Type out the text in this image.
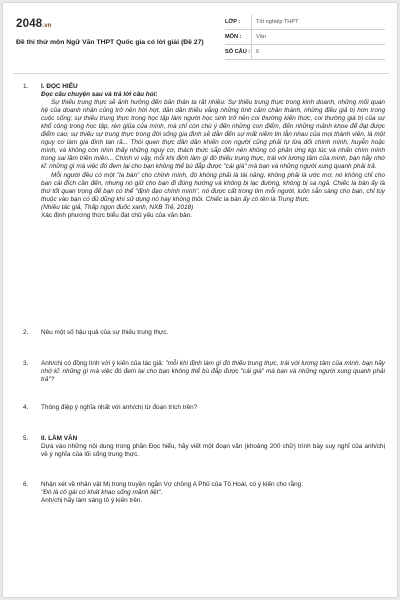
2048.vn
Đề thi thử môn Ngữ Văn THPT Quốc gia có lời giải (Đề 27)
LỚP :	Tốt nghiệp THPT
MÔN :	Văn
SỐ CÂU :	6
1.	I. ĐỌC HIỂU
Đọc câu chuyện sau và trả lời câu hỏi:
Sự thiếu trung thực sẽ ảnh hưởng đến bản thân ta rất nhiều: Sự thiếu trung thực trong kinh doanh, những mối quan hệ của doanh nhân cũng trở nên hời hợt, dần dần thiếu vắng những tình cảm chân thành, những điều giả trị hơn trong cuộc sống; sự thiếu trung thực trong học tập làm người học sinh trở nên coi thường kiến thức, coi thường giá trị của sự khổ công trong học tập, rèn giũa của mình, mà chỉ còn chú ý đến những con điểm, đến những mảnh khoe để đạt được điểm cao; sự thiếu sự trung thực trong đời sống gia đình sẽ dẫn đến sự mất niềm tin lẫn nhau của mọi thành viên, là một nguy cơ làm gia đình tan rã... Thói quen thực dần dần khiến con người cũng phải tự lừa dối chính mình, huyễn hoặc mình, và không còn nhìn thấy những nguy cơ, thách thức sắp đến nên không có phản ứng kịp lúc và nhấn chìm mình trong sai lầm triền miên... Chính vì vậy, mỗi khi định làm gì đó thiếu trung thực, trái với lương tâm của mình, bạn hãy nhớ kĩ: những gì mà việc đó đem lại cho bạn không thể bù đắp được "cái giá" mà bạn và những người xung quanh phải trả.
Mỗi người đều có một "la bàn" cho chính mình, đó không phải là tài năng, không phải là ước mơ, nó không chỉ cho bạn cái đích cần đến, nhưng nó giữ cho bạn đi đúng hướng và không bị lạc đường, không bị sa ngã. Chiếc la bàn ấy là thứ tốt quan trọng để bạn có thể "định đạo chính mình", nó được cất trong tim mỗi người, luôn sẵn sàng cho bạn, chỉ tùy thuộc vào bạn có đủ dũng khí sử dụng nó hay không thôi. Chiếc la bàn ấy có tên là Trung thực.
(Nhiều tác giả, Thấp ngọn đuốc xanh, NXB Trẻ, 2018)
Xác định phương thức biểu đạt chủ yếu của văn bản.
2.	Nêu một số hậu quả của sự thiếu trung thực.
3.	Anh/chị có đồng tình với ý kiến của tác giả: "mỗi khi định làm gì đó thiếu trung thực, trái với lương tâm của mình, bạn hãy nhớ kĩ: những gì mà việc đó đem lại cho bạn không thể bù đắp được "cái giá" mà bạn và những người xung quanh phải trả"?
4.	Thông điệp ý nghĩa nhất với anh/chị từ đoạn trích trên?
5.	II. LÀM VĂN
Dựa vào những nội dung trong phần Đọc hiểu, hãy viết một đoạn văn (khoảng 200 chữ) trình bày suy nghĩ của anh/chị về ý nghĩa của lối sống trung thực.
6.	Nhận xét về nhân vật Mị trong truyện ngắn Vợ chồng A Phủ của Tô Hoài, có ý kiến cho rằng:
"Đó là cô gái có khát khao sống mãnh liệt".
Anh/chị hãy làm sáng tỏ ý kiến trên.
